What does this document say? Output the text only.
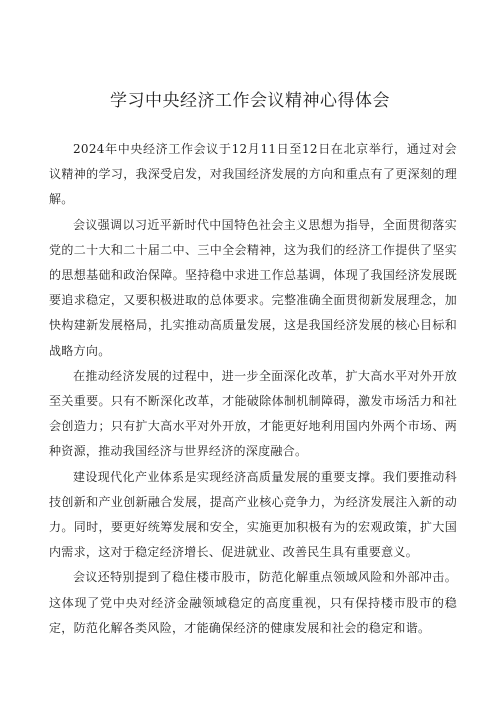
学习中央经济工作会议精神心得体会

2024年中央经济工作会议于12月11日至12日在北京举行，通过对会议精神的学习，我深受启发，对我国经济发展的方向和重点有了更深刻的理解。

会议强调以习近平新时代中国特色社会主义思想为指导，全面贯彻落实党的二十大和二十届二中、三中全会精神，这为我们的经济工作提供了坚实的思想基础和政治保障。坚持稳中求进工作总基调，体现了我国经济发展既要追求稳定，又要积极进取的总体要求。完整准确全面贯彻新发展理念，加快构建新发展格局，扎实推动高质量发展，这是我国经济发展的核心目标和战略方向。

在推动经济发展的过程中，进一步全面深化改革，扩大高水平对外开放至关重要。只有不断深化改革，才能破除体制机制障碍，激发市场活力和社会创造力；只有扩大高水平对外开放，才能更好地利用国内外两个市场、两种资源，推动我国经济与世界经济的深度融合。

建设现代化产业体系是实现经济高质量发展的重要支撑。我们要推动科技创新和产业创新融合发展，提高产业核心竞争力，为经济发展注入新的动力。同时，要更好统筹发展和安全，实施更加积极有为的宏观政策，扩大国内需求，这对于稳定经济增长、促进就业、改善民生具有重要意义。

会议还特别提到了稳住楼市股市，防范化解重点领域风险和外部冲击。这体现了党中央对经济金融领域稳定的高度重视，只有保持楼市股市的稳定，防范化解各类风险，才能确保经济的健康发展和社会的稳定和谐。
